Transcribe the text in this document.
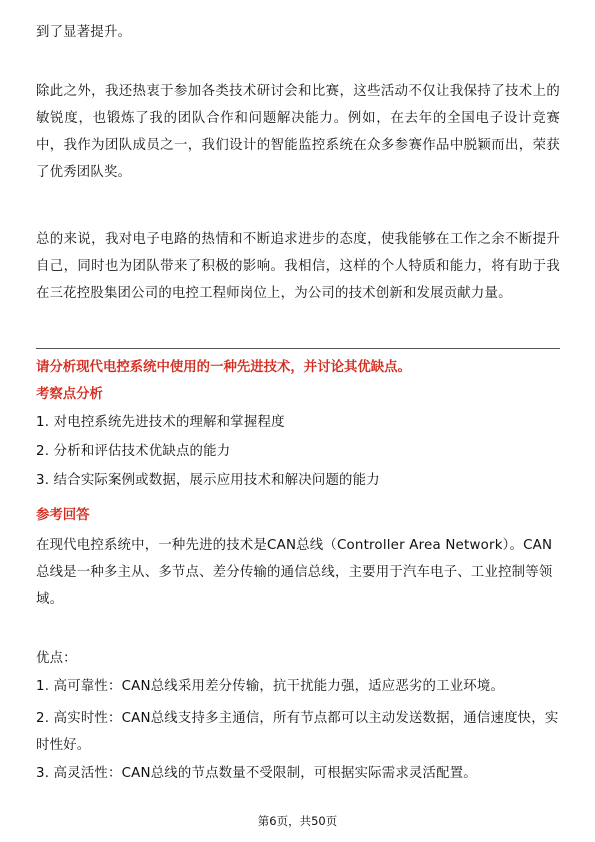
到了显著提升。

除此之外，我还热衷于参加各类技术研讨会和比赛，这些活动不仅让我保持了技术上的敏锐度，也锻炼了我的团队合作和问题解决能力。例如，在去年的全国电子设计竞赛中，我作为团队成员之一，我们设计的智能监控系统在众多参赛作品中脱颖而出，荣获了优秀团队奖。

总的来说，我对电子电路的热情和不断追求进步的态度，使我能够在工作之余不断提升自己，同时也为团队带来了积极的影响。我相信，这样的个人特质和能力，将有助于我在三花控股集团公司的电控工程师岗位上，为公司的技术创新和发展贡献力量。

请分析现代电控系统中使用的一种先进技术，并讨论其优缺点。

考察点分析

1. 对电控系统先进技术的理解和掌握程度

2. 分析和评估技术优缺点的能力

3. 结合实际案例或数据，展示应用技术和解决问题的能力

参考回答

在现代电控系统中，一种先进的技术是CAN总线（Controller Area Network）。CAN总线是一种多主从、多节点、差分传输的通信总线，主要用于汽车电子、工业控制等领域。

优点：

1. 高可靠性：CAN总线采用差分传输，抗干扰能力强，适应恶劣的工业环境。

2. 高实时性：CAN总线支持多主通信，所有节点都可以主动发送数据，通信速度快，实时性好。

3. 高灵活性：CAN总线的节点数量不受限制，可根据实际需求灵活配置。

第6页，共50页
